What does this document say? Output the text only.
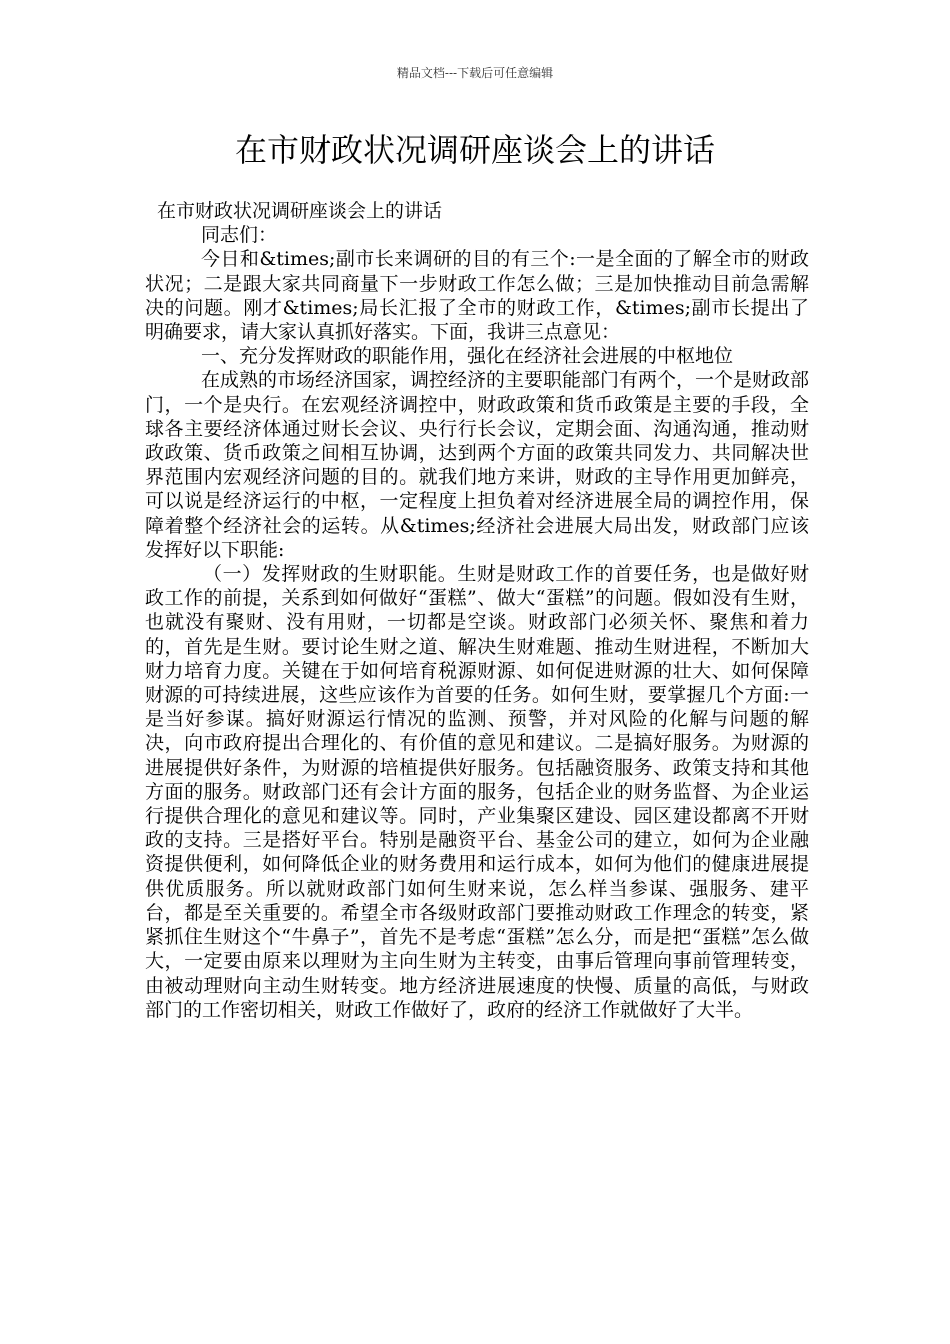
精品文档---下载后可任意编辑
在市财政状况调研座谈会上的讲话

在市财政状况调研座谈会上的讲话

同志们：

今日和&times;副市长来调研的目的有三个:一是全面的了解全市的财政状况；二是跟大家共同商量下一步财政工作怎么做；三是加快推动目前急需解决的问题。刚才&times;局长汇报了全市的财政工作，&times;副市长提出了明确要求，请大家认真抓好落实。下面，我讲三点意见：

一、充分发挥财政的职能作用，强化在经济社会进展的中枢地位

在成熟的市场经济国家，调控经济的主要职能部门有两个，一个是财政部门，一个是央行。在宏观经济调控中，财政政策和货币政策是主要的手段，全球各主要经济体通过财长会议、央行行长会议，定期会面、沟通沟通，推动财政政策、货币政策之间相互协调，达到两个方面的政策共同发力、共同解决世界范围内宏观经济问题的目的。就我们地方来讲，财政的主导作用更加鲜亮，可以说是经济运行的中枢，一定程度上担负着对经济进展全局的调控作用，保障着整个经济社会的运转。从&times;经济社会进展大局出发，财政部门应该发挥好以下职能:

（一）发挥财政的生财职能。生财是财政工作的首要任务，也是做好财政工作的前提，关系到如何做好“蛋糕”、做大“蛋糕”的问题。假如没有生财，也就没有聚财、没有用财，一切都是空谈。财政部门必须关怀、聚焦和着力的，首先是生财。要讨论生财之道、解决生财难题、推动生财进程，不断加大财力培育力度。关键在于如何培育税源财源、如何促进财源的壮大、如何保障财源的可持续进展，这些应该作为首要的任务。如何生财，要掌握几个方面:一是当好参谋。搞好财源运行情况的监测、预警，并对风险的化解与问题的解决，向市政府提出合理化的、有价值的意见和建议。二是搞好服务。为财源的进展提供好条件，为财源的培植提供好服务。包括融资服务、政策支持和其他方面的服务。财政部门还有会计方面的服务，包括企业的财务监督、为企业运行提供合理化的意见和建议等。同时，产业集聚区建设、园区建设都离不开财政的支持。三是搭好平台。特别是融资平台、基金公司的建立，如何为企业融资提供便利，如何降低企业的财务费用和运行成本，如何为他们的健康进展提供优质服务。所以就财政部门如何生财来说，怎么样当参谋、强服务、建平台，都是至关重要的。希望全市各级财政部门要推动财政工作理念的转变，紧紧抓住生财这个“牛鼻子”，首先不是考虑“蛋糕”怎么分，而是把“蛋糕”怎么做大，一定要由原来以理财为主向生财为主转变，由事后管理向事前管理转变，由被动理财向主动生财转变。地方经济进展速度的快慢、质量的高低，与财政部门的工作密切相关，财政工作做好了，政府的经济工作就做好了大半。
